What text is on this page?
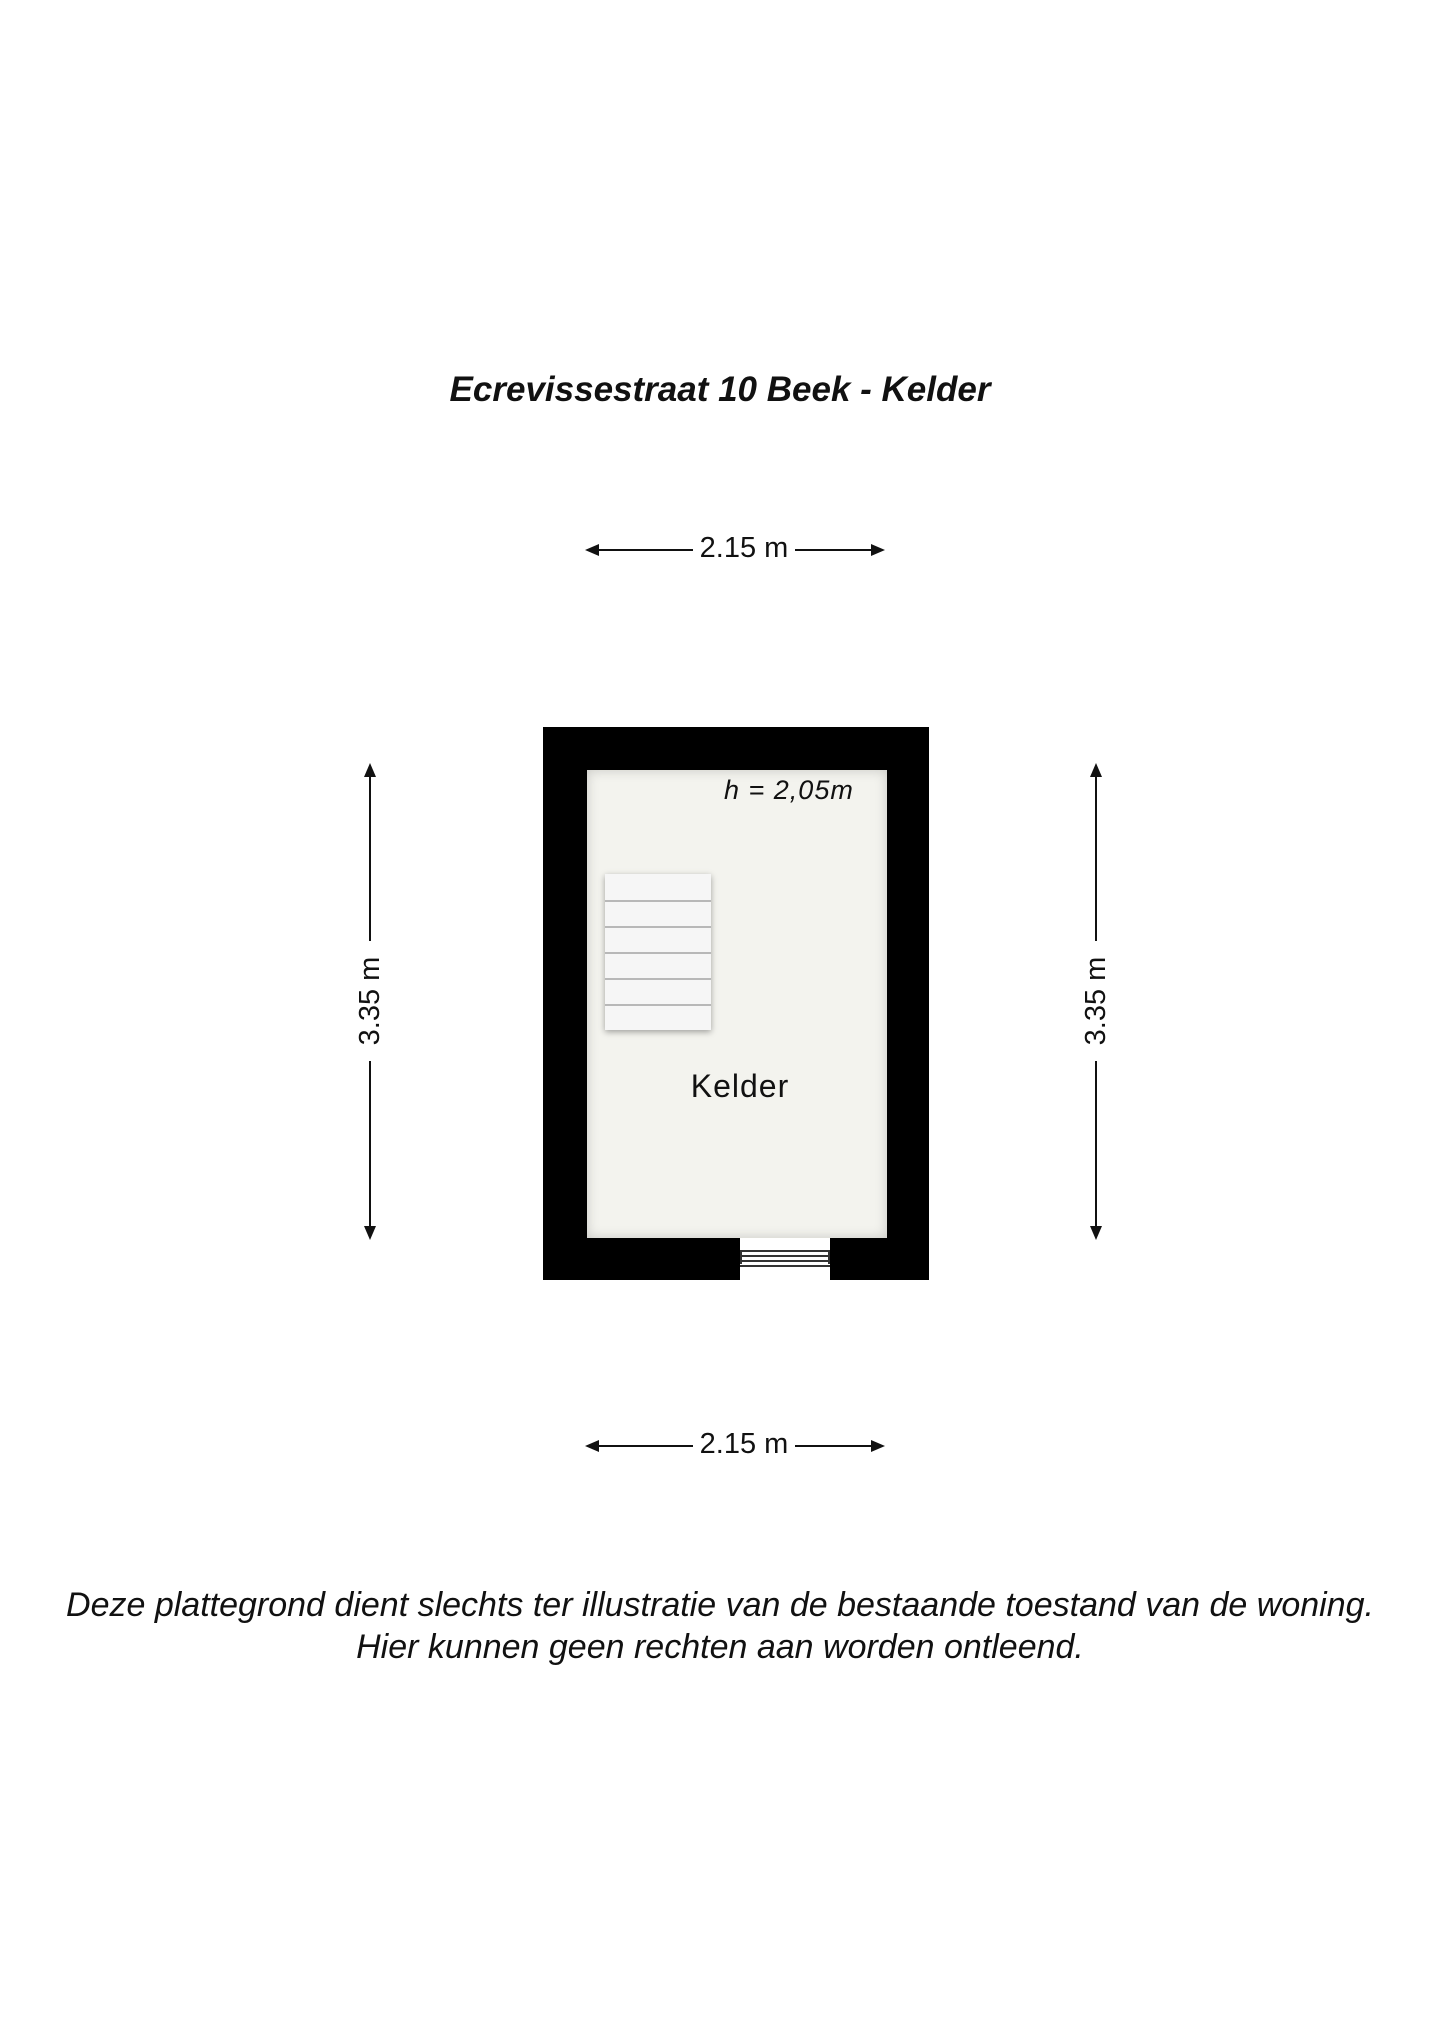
Ecrevissestraat 10 Beek - Kelder
2.15 m
3.35 m	3.35 m
h = 2,05m
Kelder
2.15 m
Deze plattegrond dient slechts ter illustratie van de bestaande toestand van de woning.
Hier kunnen geen rechten aan worden ontleend.
